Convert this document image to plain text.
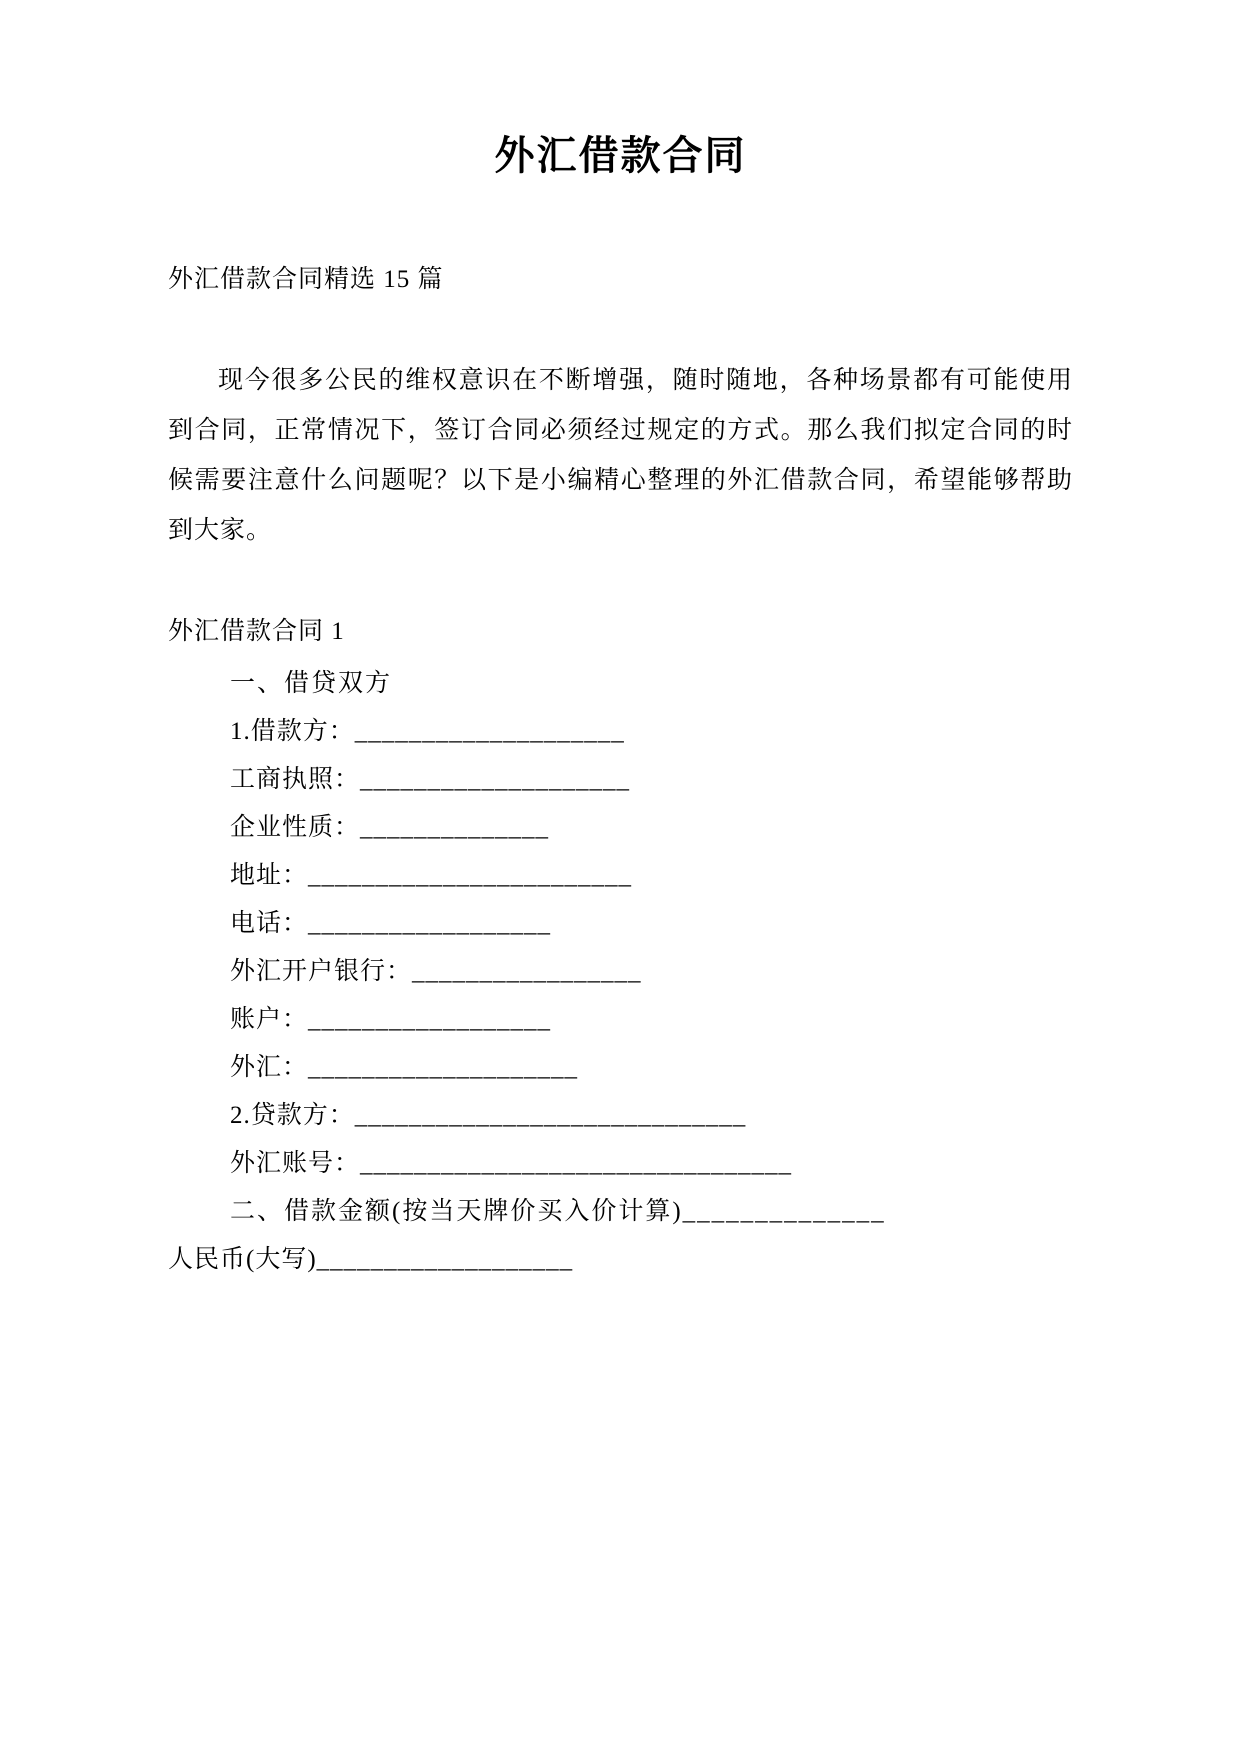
外汇借款合同

外汇借款合同精选 15 篇

现今很多公民的维权意识在不断增强，随时随地，各种场景都有可能使用到合同，正常情况下，签订合同必须经过规定的方式。那么我们拟定合同的时候需要注意什么问题呢？以下是小编精心整理的外汇借款合同，希望能够帮助到大家。

外汇借款合同 1

一、借贷双方

1.借款方：____________________

工商执照：____________________

企业性质：______________

地址：________________________

电话：__________________

外汇开户银行：_________________

账户：__________________

外汇：____________________

2.贷款方：_____________________________

外汇账号：________________________________

二、借款金额(按当天牌价买入价计算)______________

人民币(大写)___________________
